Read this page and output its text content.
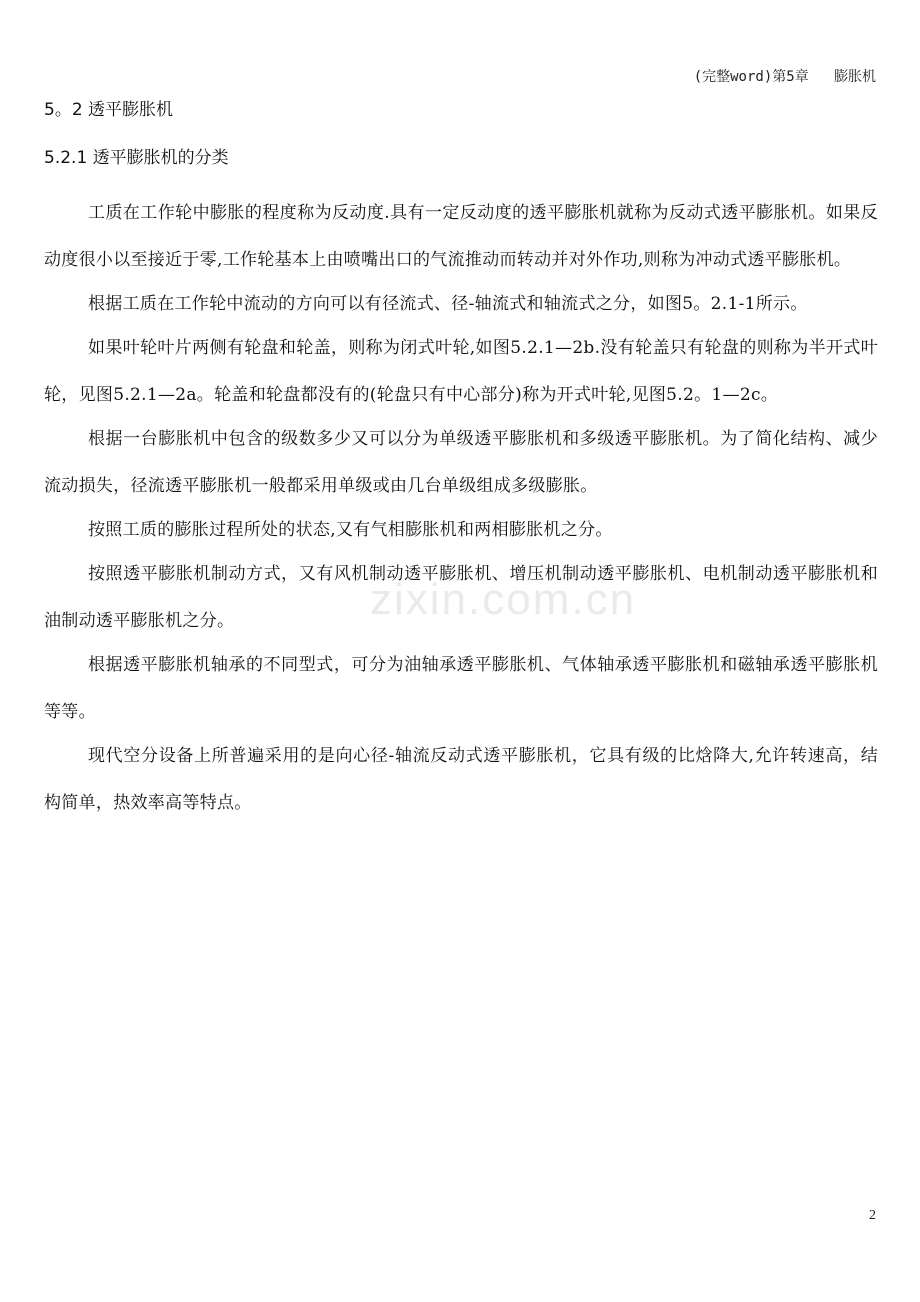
(完整word)第5章   膨胀机
zixin.com.cn
5。2 透平膨胀机
5.2.1 透平膨胀机的分类

工质在工作轮中膨胀的程度称为反动度.具有一定反动度的透平膨胀机就称为反动式透平膨胀机。如果反动度很小以至接近于零,工作轮基本上由喷嘴出口的气流推动而转动并对外作功,则称为冲动式透平膨胀机。

根据工质在工作轮中流动的方向可以有径流式、径-轴流式和轴流式之分，如图5。2.1-1所示。

如果叶轮叶片两侧有轮盘和轮盖，则称为闭式叶轮,如图5.2.1—2b.没有轮盖只有轮盘的则称为半开式叶轮，见图5.2.1—2a。轮盖和轮盘都没有的(轮盘只有中心部分)称为开式叶轮,见图5.2。1—2c。

根据一台膨胀机中包含的级数多少又可以分为单级透平膨胀机和多级透平膨胀机。为了简化结构、减少流动损失，径流透平膨胀机一般都采用单级或由几台单级组成多级膨胀。

按照工质的膨胀过程所处的状态,又有气相膨胀机和两相膨胀机之分。

按照透平膨胀机制动方式，又有风机制动透平膨胀机、增压机制动透平膨胀机、电机制动透平膨胀机和油制动透平膨胀机之分。

根据透平膨胀机轴承的不同型式，可分为油轴承透平膨胀机、气体轴承透平膨胀机和磁轴承透平膨胀机等等。

现代空分设备上所普遍采用的是向心径-轴流反动式透平膨胀机，它具有级的比焓降大,允许转速高，结构简单，热效率高等特点。

2
